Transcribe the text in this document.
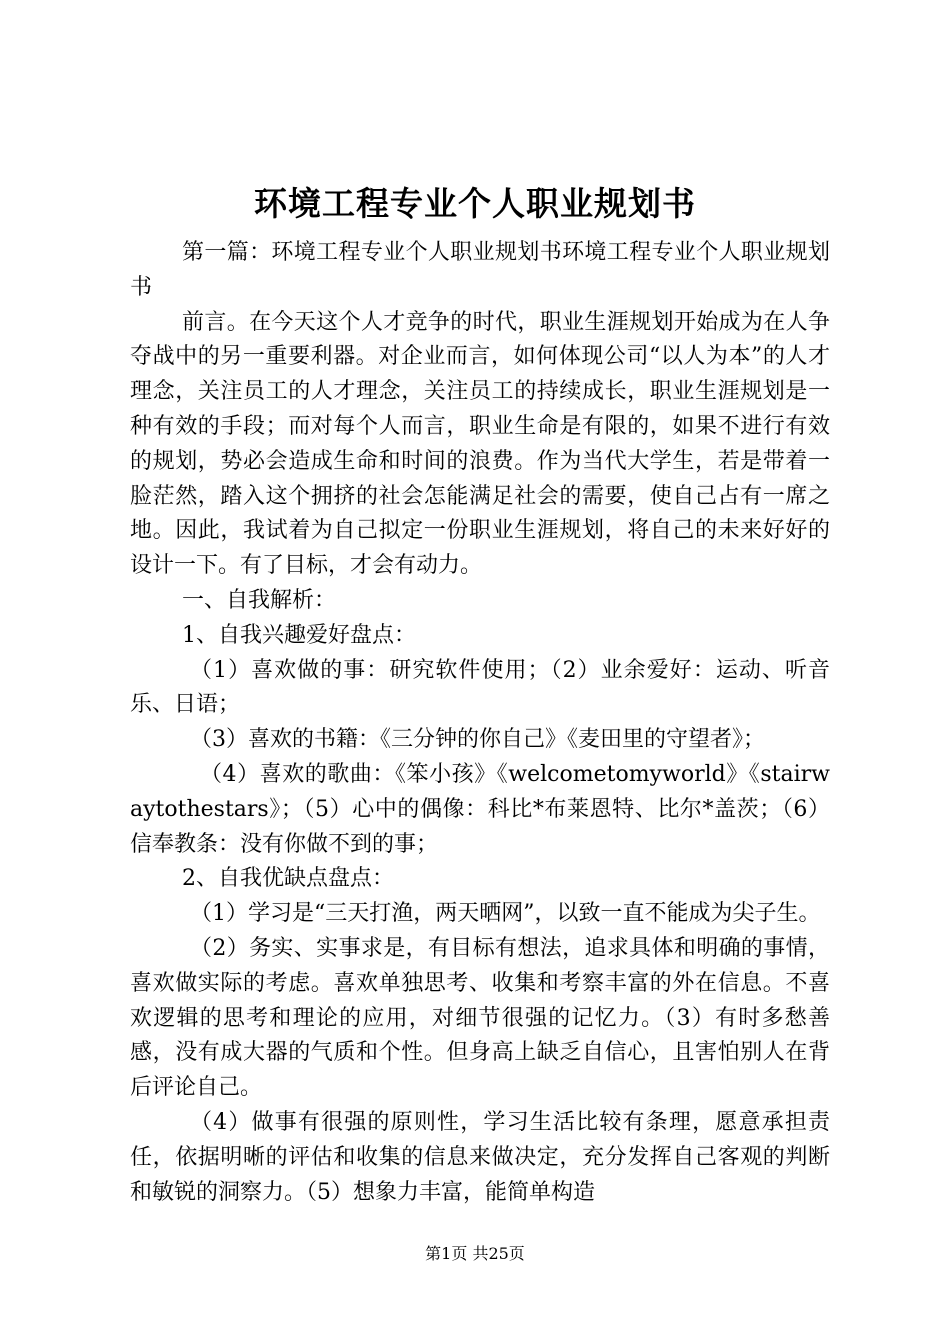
环境工程专业个人职业规划书

第一篇：环境工程专业个人职业规划书环境工程专业个人职业规划书

前言。在今天这个人才竞争的时代，职业生涯规划开始成为在人争夺战中的另一重要利器。对企业而言，如何体现公司“以人为本”的人才理念，关注员工的人才理念，关注员工的持续成长，职业生涯规划是一种有效的手段；而对每个人而言，职业生命是有限的，如果不进行有效的规划，势必会造成生命和时间的浪费。作为当代大学生，若是带着一脸茫然，踏入这个拥挤的社会怎能满足社会的需要，使自己占有一席之地。因此，我试着为自己拟定一份职业生涯规划，将自己的未来好好的设计一下。有了目标，才会有动力。

一、自我解析：

1、自我兴趣爱好盘点：

（1）喜欢做的事：研究软件使用；（2）业余爱好：运动、听音乐、日语；

（3）喜欢的书籍：《三分钟的你自己》《麦田里的守望者》；

（4）喜欢的歌曲：《笨小孩》《welcometomyworld》《stairwaytothestars》；（5）心中的偶像：科比*布莱恩特、比尔*盖茨；（6）信奉教条：没有你做不到的事；

2、自我优缺点盘点：

（1）学习是“三天打渔，两天晒网”，以致一直不能成为尖子生。

（2）务实、实事求是，有目标有想法，追求具体和明确的事情，喜欢做实际的考虑。喜欢单独思考、收集和考察丰富的外在信息。不喜欢逻辑的思考和理论的应用，对细节很强的记忆力。（3）有时多愁善感，没有成大器的气质和个性。但身高上缺乏自信心，且害怕别人在背后评论自己。

（4）做事有很强的原则性，学习生活比较有条理，愿意承担责任，依据明晰的评估和收集的信息来做决定，充分发挥自己客观的判断和敏锐的洞察力。（5）想象力丰富，能简单构造

第1页 共25页
